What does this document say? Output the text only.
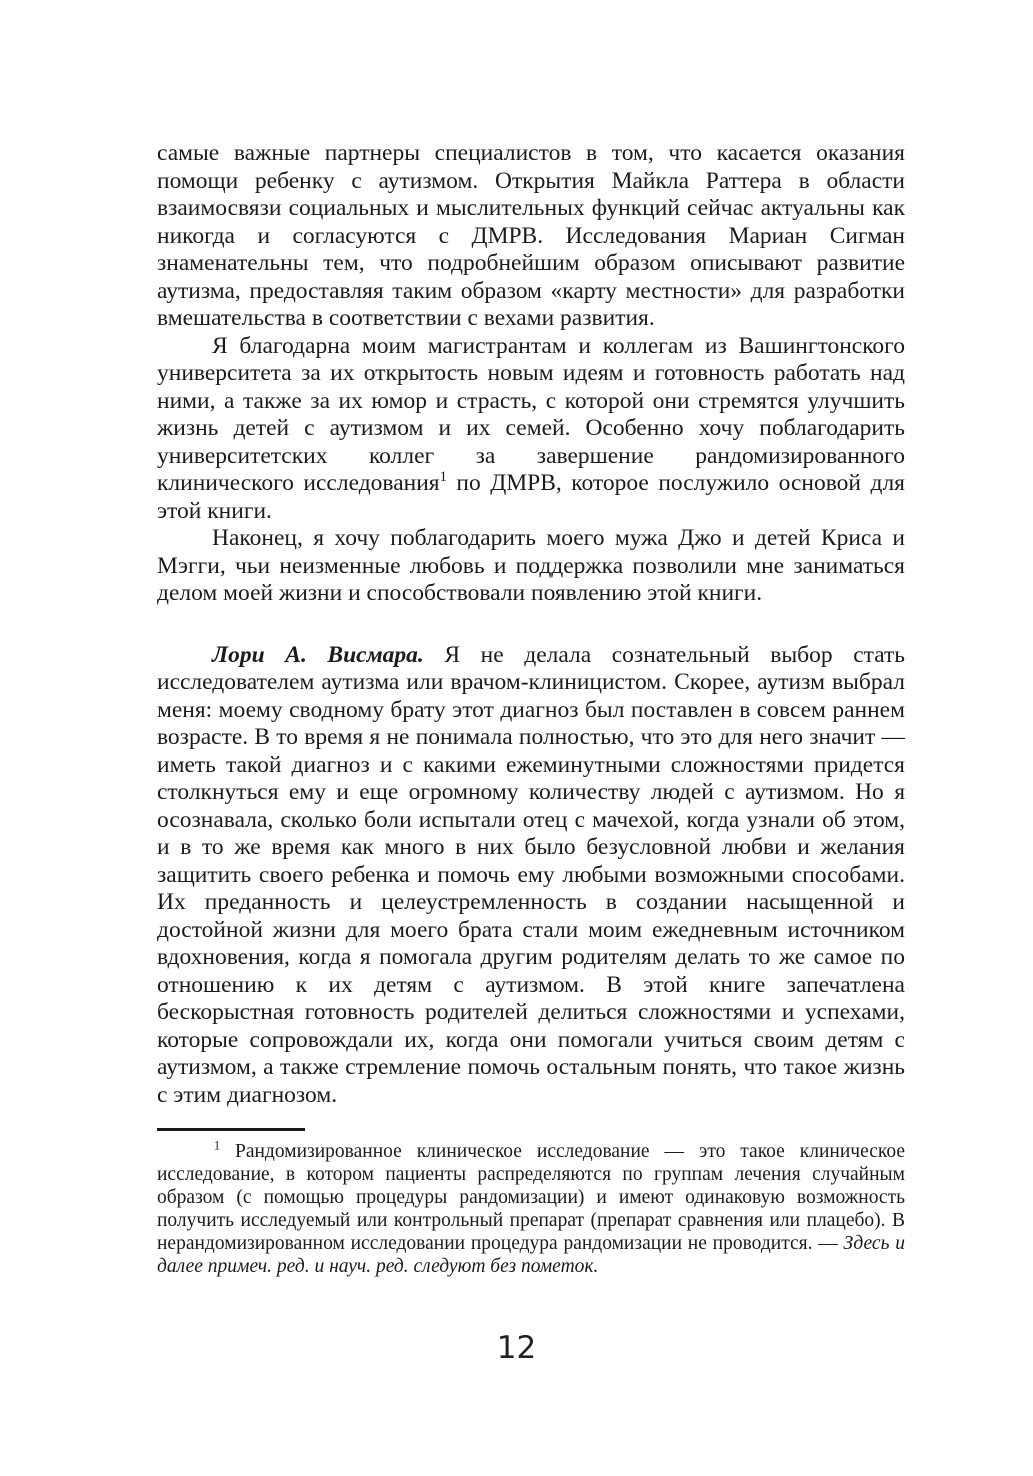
самые важные партнеры специалистов в том, что касается оказания помощи ребенку с аутизмом. Открытия Майкла Раттера в области взаимосвязи социальных и мыслительных функций сейчас актуальны как никогда и согласуются с ДМРВ. Исследования Мариан Сигман знаменательны тем, что подробнейшим образом описывают развитие аутизма, предоставляя таким образом «карту местности» для разработки вмешательства в соответствии с вехами развития.

Я благодарна моим магистрантам и коллегам из Вашингтонского университета за их открытость новым идеям и готовность работать над ними, а также за их юмор и страсть, с которой они стремятся улучшить жизнь детей с аутизмом и их семей. Особенно хочу поблагодарить университетских коллег за завершение рандомизированного клинического исследования$^1$ по ДМРВ, которое послужило основой для этой книги.

Наконец, я хочу поблагодарить моего мужа Джо и детей Криса и Мэгги, чьи неизменные любовь и поддержка позволили мне заниматься делом моей жизни и способствовали появлению этой книги.

Лори А. Висмара. Я не делала сознательный выбор стать исследователем аутизма или врачом-клиницистом. Скорее, аутизм выбрал меня: моему сводному брату этот диагноз был поставлен в совсем раннем возрасте. В то время я не понимала полностью, что это для него значит — иметь такой диагноз и с какими ежеминутными сложностями придется столкнуться ему и еще огромному количеству людей с аутизмом. Но я осознавала, сколько боли испытали отец с мачехой, когда узнали об этом, и в то же время как много в них было безусловной любви и желания защитить своего ребенка и помочь ему любыми возможными способами. Их преданность и целеустремленность в создании насыщенной и достойной жизни для моего брата стали моим ежедневным источником вдохновения, когда я помогала другим родителям делать то же самое по отношению к их детям с аутизмом. В этой книге запечатлена бескорыстная готовность родителей делиться сложностями и успехами, которые сопровождали их, когда они помогали учиться своим детям с аутизмом, а также стремление помочь остальным понять, что такое жизнь с этим диагнозом.

$^1$ Рандомизированное клиническое исследование — это такое клиническое исследование, в котором пациенты распределяются по группам лечения случайным образом (с помощью процедуры рандомизации) и имеют одинаковую возможность получить исследуемый или контрольный препарат (препарат сравнения или плацебо). В нерандомизированном исследовании процедура рандомизации не проводится. — Здесь и далее примеч. ред. и науч. ред. следуют без пометок.

12
